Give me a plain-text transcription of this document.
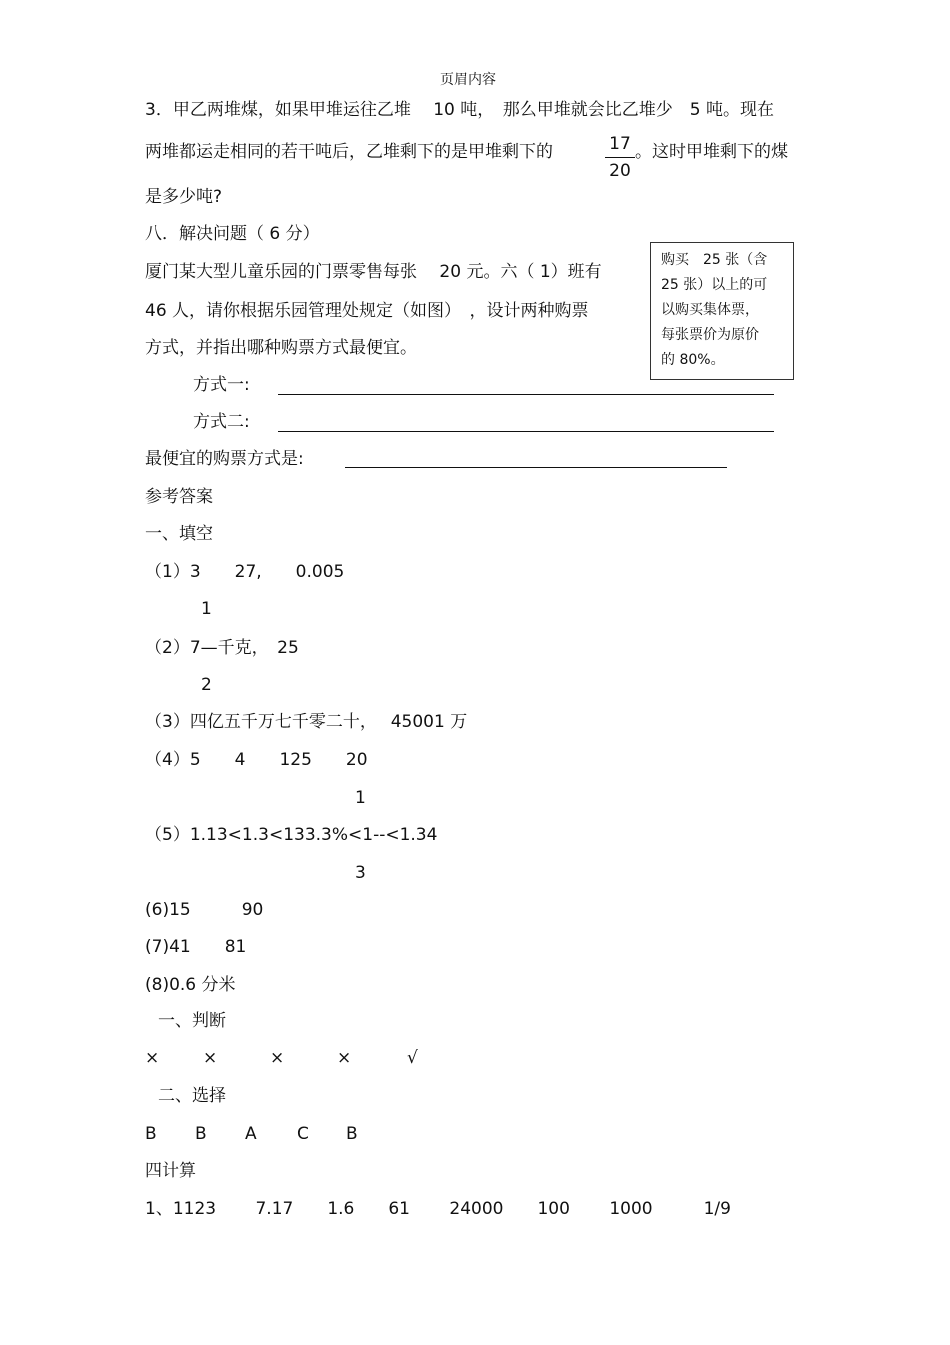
页眉内容
3．甲乙两堆煤，如果甲堆运往乙堆　 10 吨，　那么甲堆就会比乙堆少　5 吨。现在
两堆都运走相同的若干吨后，乙堆剩下的是甲堆剩下的	17
20
。这时甲堆剩下的煤
是多少吨?
八．解决问题（ 6 分）
厦门某大型儿童乐园的门票零售每张　 20 元。六（ 1）班有
46 人，请你根据乐园管理处规定（如图）　，设计两种购票
方式，并指出哪种购票方式最便宜。
购买　25 张（含
25 张）以上的可
以购买集体票，
每张票价为原价
的 80%。
方式一:
方式二:
最便宜的购票方式是:
参考答案
一、填空
（1）3　　27,　　0.005
1
（2）7—千克，　25
2
（3）四亿五千万七千零二十，　 45001 万
（4）5　　4　　125　　20
1
（5）1.13<1.3<133.3%<1--<1.34
3
(6)15　　　90
(7)41　　81
(8)0.6 分米
一、判断
×	×	×	×	√
二、选择
B B A C B
四计算
1、1123　　 7.17　　1.6　　61　　 24000　　100　　 1000　　　1/9
